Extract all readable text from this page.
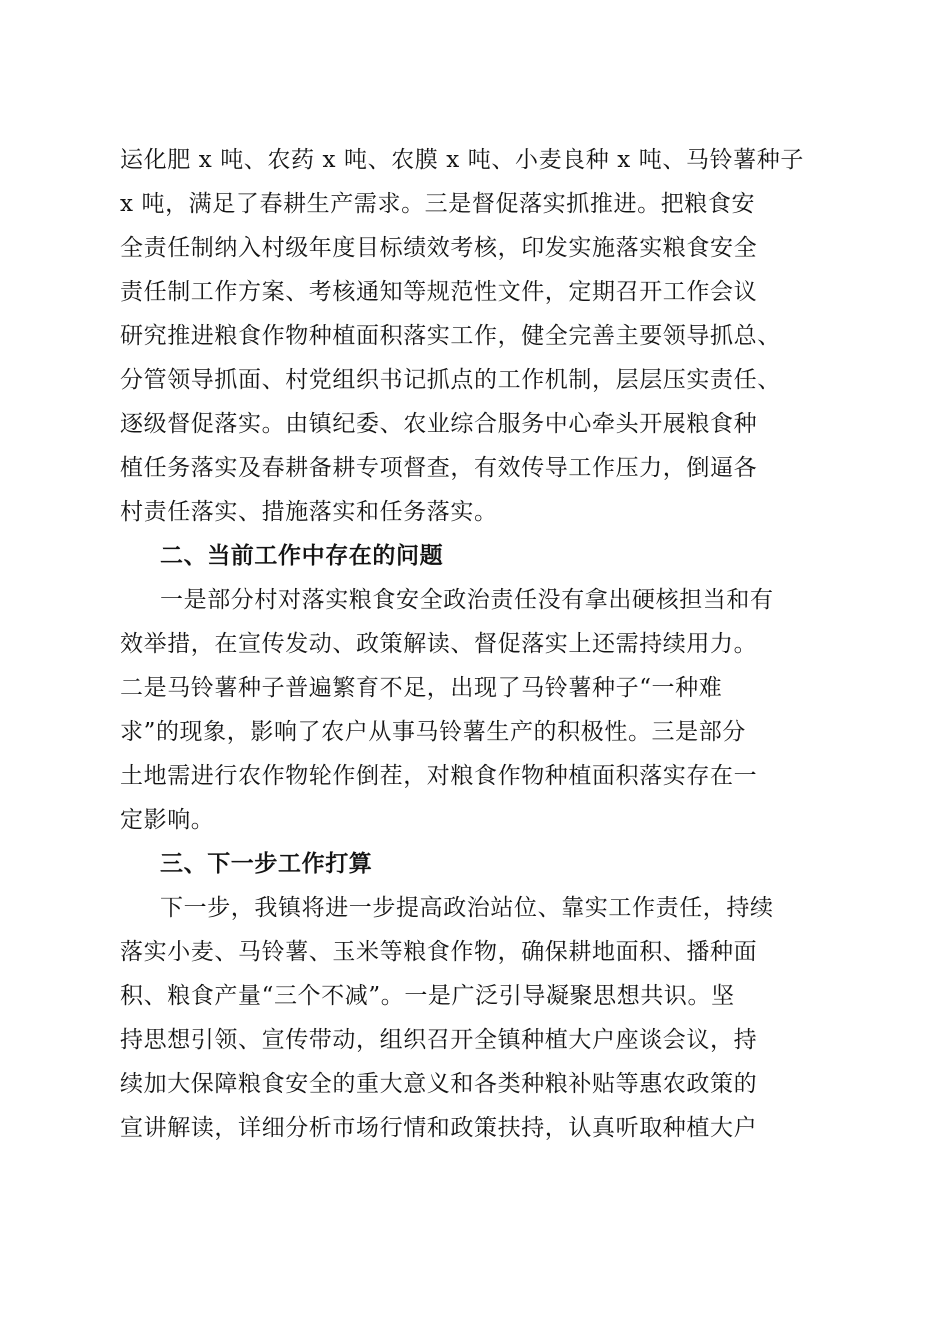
运化肥 x 吨、农药 x 吨、农膜 x 吨、小麦良种 x 吨、马铃薯种子

x 吨，满足了春耕生产需求。三是督促落实抓推进。把粮食安

全责任制纳入村级年度目标绩效考核，印发实施落实粮食安全

责任制工作方案、考核通知等规范性文件，定期召开工作会议

研究推进粮食作物种植面积落实工作，健全完善主要领导抓总、

分管领导抓面、村党组织书记抓点的工作机制，层层压实责任、

逐级督促落实。由镇纪委、农业综合服务中心牵头开展粮食种

植任务落实及春耕备耕专项督查，有效传导工作压力，倒逼各

村责任落实、措施落实和任务落实。

二、当前工作中存在的问题

一是部分村对落实粮食安全政治责任没有拿出硬核担当和有

效举措，在宣传发动、政策解读、督促落实上还需持续用力。

二是马铃薯种子普遍繁育不足，出现了马铃薯种子“一种难

求”的现象，影响了农户从事马铃薯生产的积极性。三是部分

土地需进行农作物轮作倒茬，对粮食作物种植面积落实存在一

定影响。

三、下一步工作打算

下一步，我镇将进一步提高政治站位、靠实工作责任，持续

落实小麦、马铃薯、玉米等粮食作物，确保耕地面积、播种面

积、粮食产量“三个不减”。一是广泛引导凝聚思想共识。坚

持思想引领、宣传带动，组织召开全镇种植大户座谈会议，持

续加大保障粮食安全的重大意义和各类种粮补贴等惠农政策的

宣讲解读，详细分析市场行情和政策扶持，认真听取种植大户
